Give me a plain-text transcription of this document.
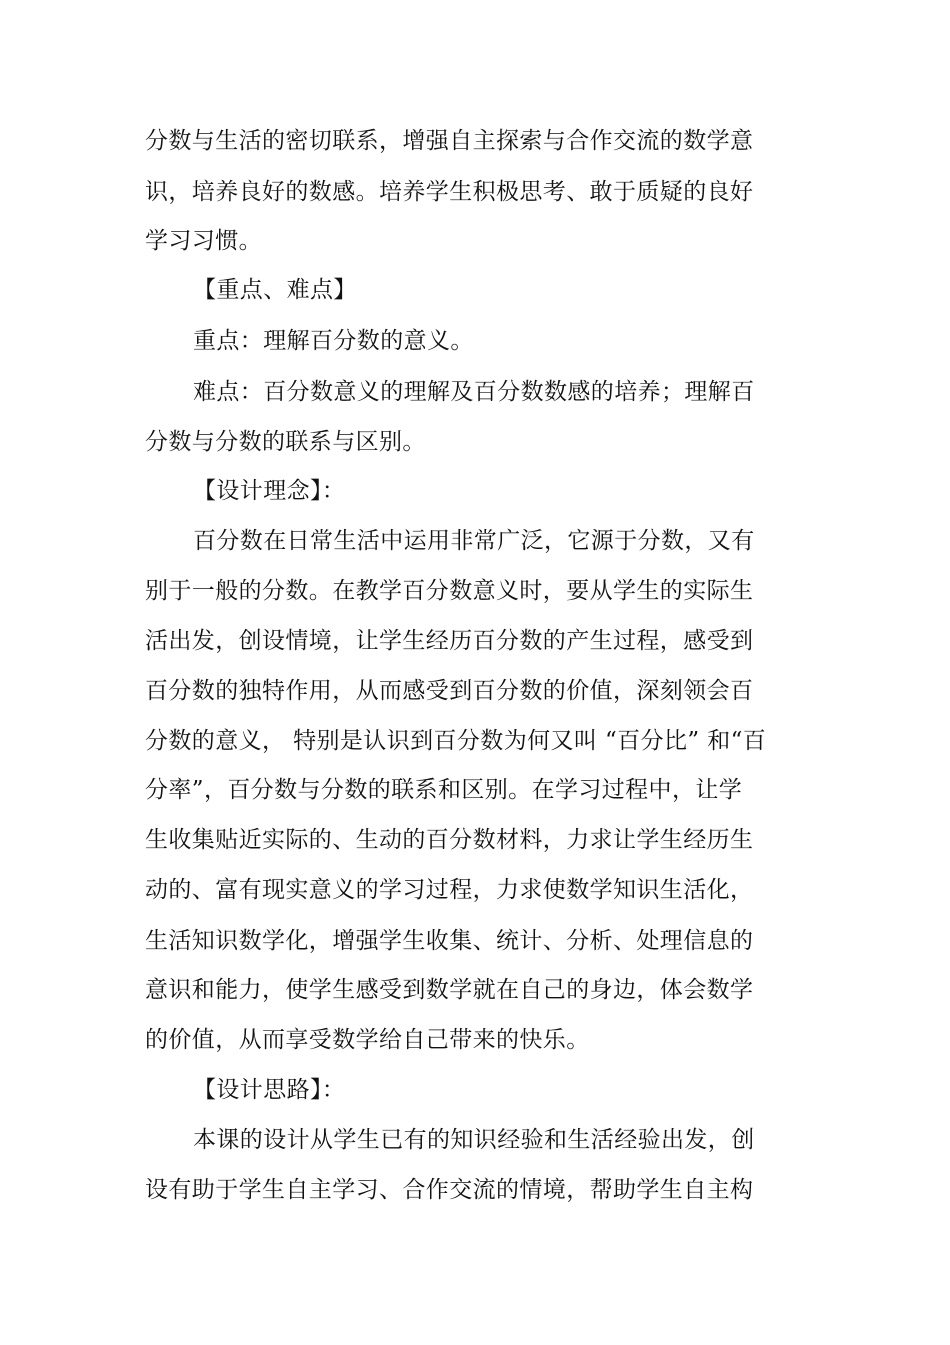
分数与生活的密切联系，增强自主探索与合作交流的数学意
识，培养良好的数感。培养学生积极思考、敢于质疑的良好
学习习惯。
【重点、难点】
重点：理解百分数的意义。
难点：百分数意义的理解及百分数数感的培养；理解百
分数与分数的联系与区别。
【设计理念】：
百分数在日常生活中运用非常广泛，它源于分数，又有
别于一般的分数。在教学百分数意义时，要从学生的实际生
活出发，创设情境，让学生经历百分数的产生过程，感受到
百分数的独特作用，从而感受到百分数的价值，深刻领会百
分数的意义， 特别是认识到百分数为何又叫 “百分比” 和“百
分率”，百分数与分数的联系和区别。在学习过程中，让学
生收集贴近实际的、生动的百分数材料，力求让学生经历生
动的、富有现实意义的学习过程，力求使数学知识生活化，
生活知识数学化，增强学生收集、统计、分析、处理信息的
意识和能力，使学生感受到数学就在自己的身边，体会数学
的价值，从而享受数学给自己带来的快乐。
【设计思路】：
本课的设计从学生已有的知识经验和生活经验出发，创
设有助于学生自主学习、合作交流的情境，帮助学生自主构
